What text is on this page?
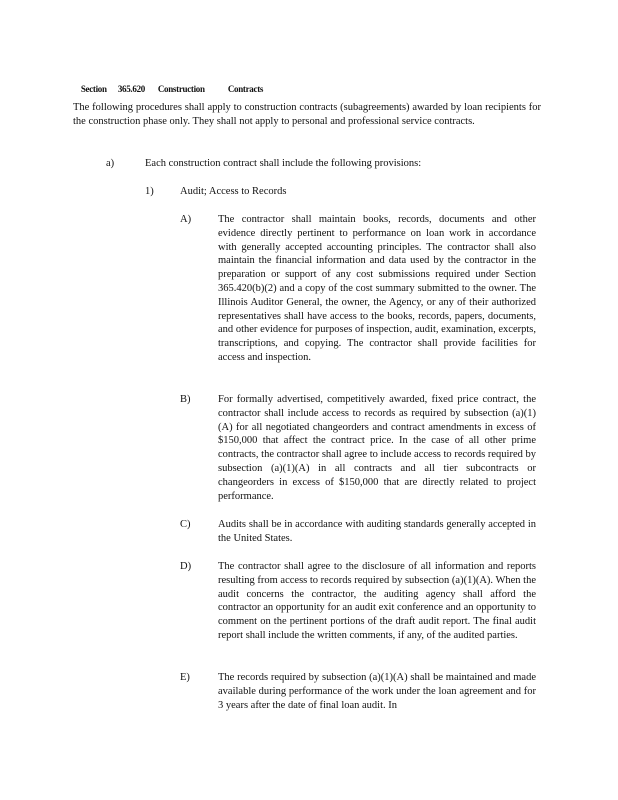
Section 365.620 Construction	Contracts

The following procedures shall apply to construction contracts (subagreements) awarded by loan recipients for the construction phase only. They shall not apply to personal and professional service contracts.
a)	Each construction contract shall include the following provisions:
1)	Audit; Access to Records
A)	The contractor shall maintain books, records, documents and other evidence directly pertinent to performance on loan work in accordance with generally accepted accounting principles. The contractor shall also maintain the financial information and data used by the contractor in the preparation or support of any cost submissions required under Section 365.420(b)(2) and a copy of the cost summary submitted to the owner. The Illinois Auditor General, the owner, the Agency, or any of their authorized representatives shall have access to the books, records, papers, documents, and other evidence for purposes of inspection, audit, examination, excerpts, transcriptions, and copying. The contractor shall provide facilities for access and inspection.
B)	For formally advertised, competitively awarded, fixed price contract, the contractor shall include access to records as required by subsection (a)(1)(A) for all negotiated changeorders and contract amendments in excess of $150,000 that affect the contract price. In the case of all other prime contracts, the contractor shall agree to include access to records required by subsection (a)(1)(A) in all contracts and all tier subcontracts or changeorders in excess of $150,000 that are directly related to project performance.
C)	Audits shall be in accordance with auditing standards generally accepted in the United States.
D)	The contractor shall agree to the disclosure of all information and reports resulting from access to records required by subsection (a)(1)(A). When the audit concerns the contractor, the auditing agency shall afford the contractor an opportunity for an audit exit conference and an opportunity to comment on the pertinent portions of the draft audit report. The final audit report shall include the written comments, if any, of the audited parties.
E)	The records required by subsection (a)(1)(A) shall be maintained and made available during performance of the work under the loan agreement and for 3 years after the date of final loan audit. In
